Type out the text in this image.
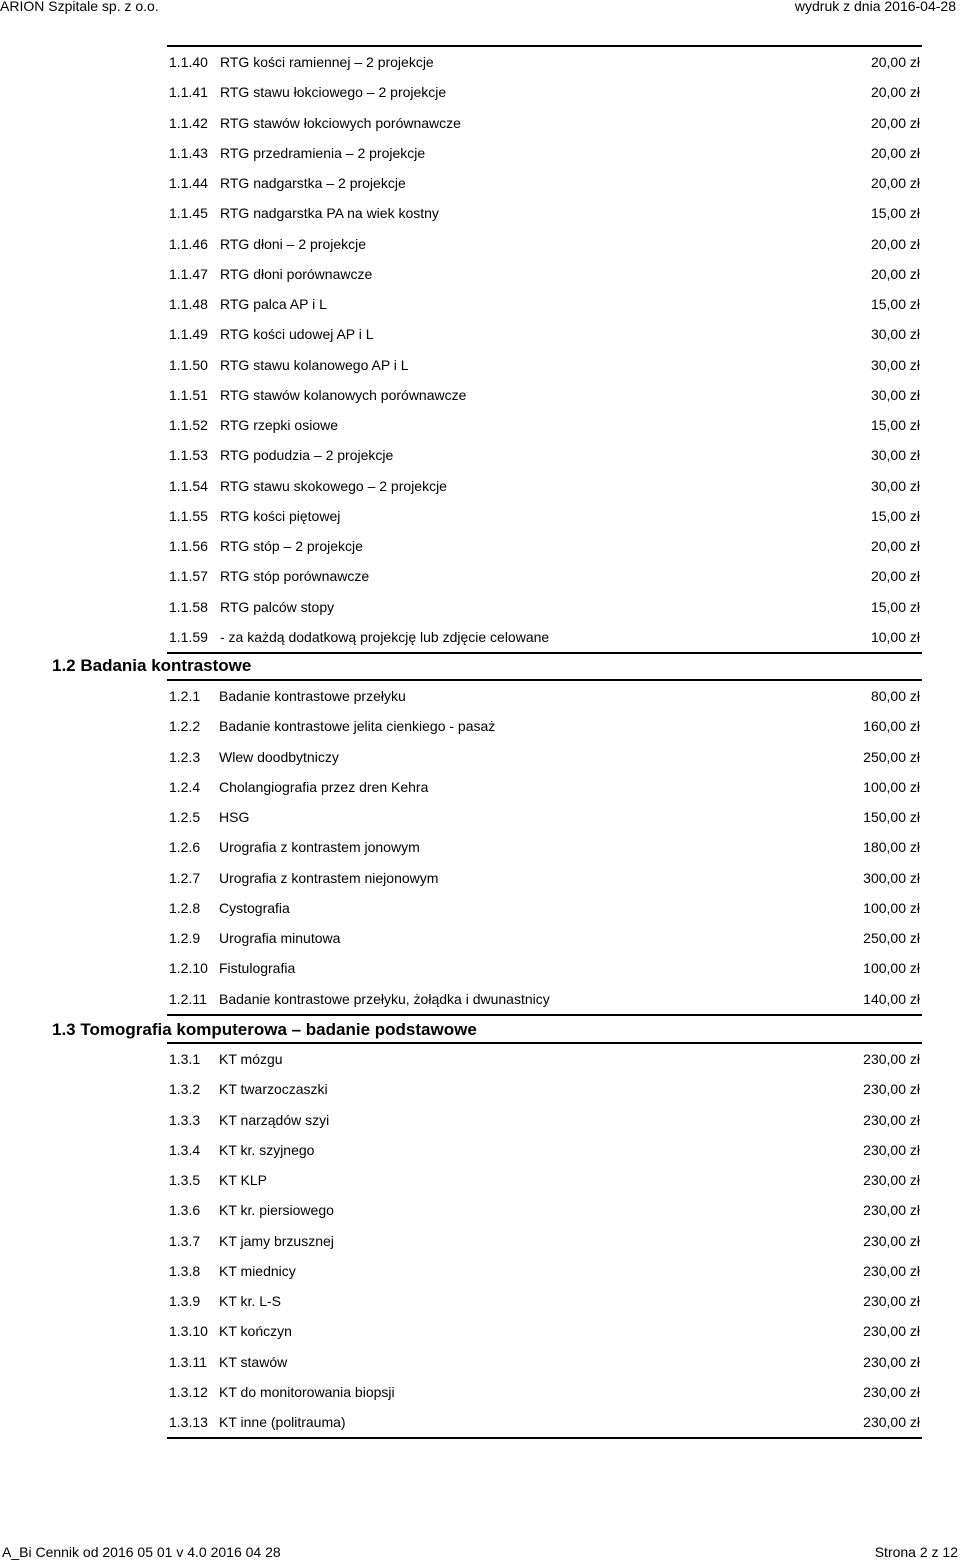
ARION Szpitale sp. z o.o.	wydruk z dnia 2016-04-28
1.1.40 RTG kości ramiennej – 2 projekcje	20,00 zł
1.1.41 RTG stawu łokciowego – 2 projekcje	20,00 zł
1.1.42 RTG stawów łokciowych porównawcze	20,00 zł
1.1.43 RTG przedramienia – 2 projekcje	20,00 zł
1.1.44 RTG nadgarstka – 2 projekcje	20,00 zł
1.1.45 RTG nadgarstka PA na wiek kostny	15,00 zł
1.1.46 RTG dłoni – 2 projekcje	20,00 zł
1.1.47 RTG dłoni porównawcze	20,00 zł
1.1.48 RTG palca AP i L	15,00 zł
1.1.49 RTG kości udowej AP i L	30,00 zł
1.1.50 RTG stawu kolanowego AP i L	30,00 zł
1.1.51 RTG stawów kolanowych porównawcze	30,00 zł
1.1.52 RTG rzepki osiowe	15,00 zł
1.1.53 RTG podudzia – 2 projekcje	30,00 zł
1.1.54 RTG stawu skokowego – 2 projekcje	30,00 zł
1.1.55 RTG kości piętowej	15,00 zł
1.1.56 RTG stóp – 2 projekcje	20,00 zł
1.1.57 RTG stóp porównawcze	20,00 zł
1.1.58 RTG palców stopy	15,00 zł
1.1.59 - za każdą dodatkową projekcję lub zdjęcie celowane	10,00 zł
1.2 Badania kontrastowe
1.2.1 Badanie kontrastowe przełyku	80,00 zł
1.2.2 Badanie kontrastowe jelita cienkiego - pasaż	160,00 zł
1.2.3 Wlew doodbytniczy	250,00 zł
1.2.4 Cholangiografia przez dren Kehra	100,00 zł
1.2.5 HSG	150,00 zł
1.2.6 Urografia z kontrastem jonowym	180,00 zł
1.2.7 Urografia z kontrastem niejonowym	300,00 zł
1.2.8 Cystografia	100,00 zł
1.2.9 Urografia minutowa	250,00 zł
1.2.10 Fistulografia	100,00 zł
1.2.11 Badanie kontrastowe przełyku, żołądka i dwunastnicy	140,00 zł
1.3 Tomografia komputerowa – badanie podstawowe
1.3.1 KT mózgu	230,00 zł
1.3.2 KT twarzoczaszki	230,00 zł
1.3.3 KT narządów szyi	230,00 zł
1.3.4 KT kr. szyjnego	230,00 zł
1.3.5 KT KLP	230,00 zł
1.3.6 KT kr. piersiowego	230,00 zł
1.3.7 KT jamy brzusznej	230,00 zł
1.3.8 KT miednicy	230,00 zł
1.3.9 KT kr. L-S	230,00 zł
1.3.10 KT kończyn	230,00 zł
1.3.11 KT stawów	230,00 zł
1.3.12 KT do monitorowania biopsji	230,00 zł
1.3.13 KT inne (politrauma)	230,00 zł
A_Bi Cennik od 2016 05 01 v 4.0 2016 04 28	Strona 2 z 12
